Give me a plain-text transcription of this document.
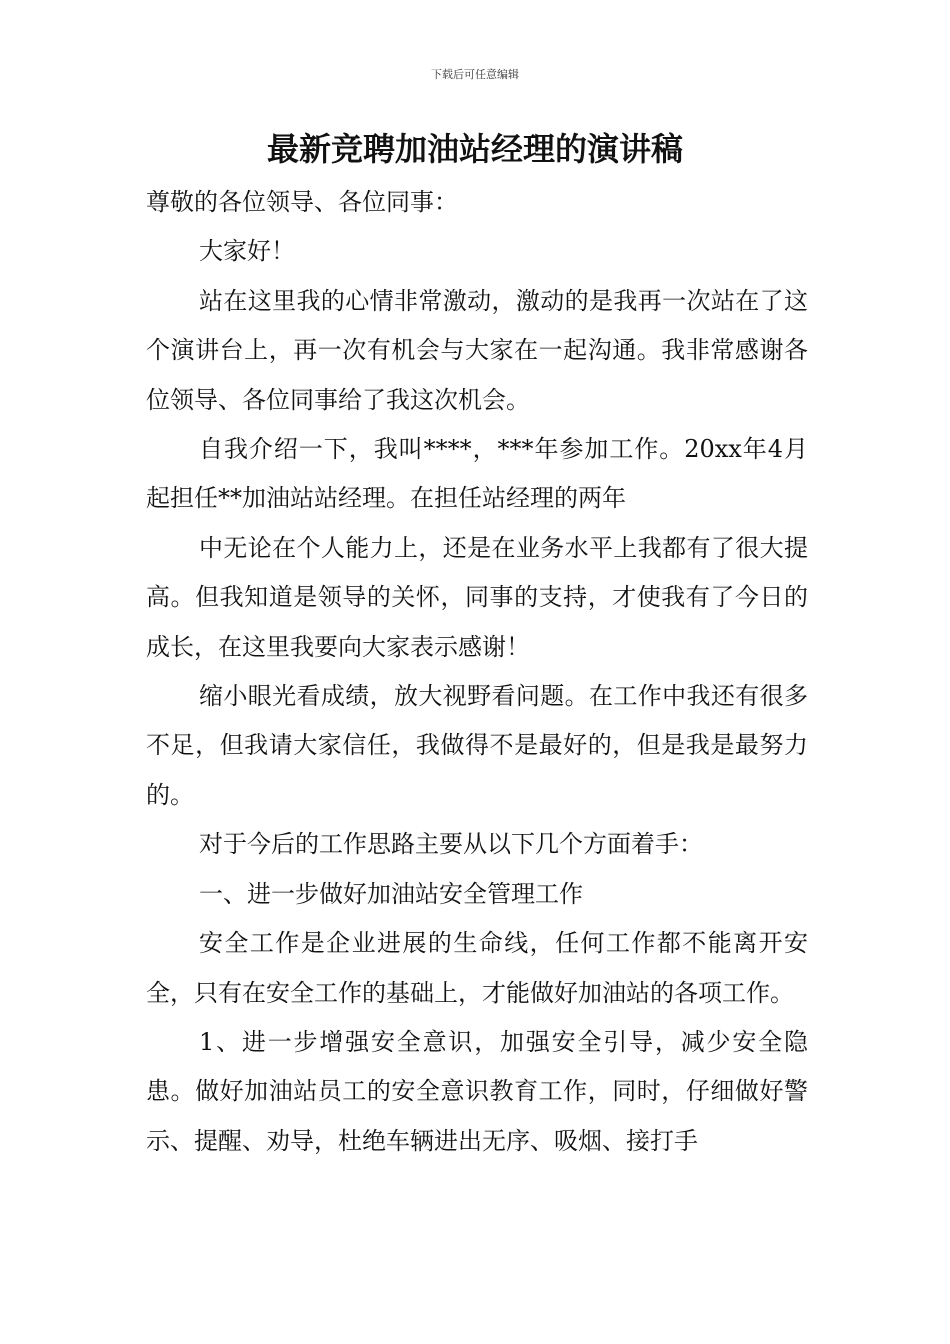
下载后可任意编辑
最新竞聘加油站经理的演讲稿

尊敬的各位领导、各位同事：

大家好！

站在这里我的心情非常激动，激动的是我再一次站在了这个演讲台上，再一次有机会与大家在一起沟通。我非常感谢各位领导、各位同事给了我这次机会。

自我介绍一下，我叫****，***年参加工作。20xx年4月起担任**加油站站经理。在担任站经理的两年

中无论在个人能力上，还是在业务水平上我都有了很大提高。但我知道是领导的关怀，同事的支持，才使我有了今日的成长，在这里我要向大家表示感谢！

缩小眼光看成绩，放大视野看问题。在工作中我还有很多不足，但我请大家信任，我做得不是最好的，但是我是最努力的。

对于今后的工作思路主要从以下几个方面着手：

一、进一步做好加油站安全管理工作

安全工作是企业进展的生命线，任何工作都不能离开安全，只有在安全工作的基础上，才能做好加油站的各项工作。

1、进一步增强安全意识，加强安全引导，减少安全隐患。做好加油站员工的安全意识教育工作，同时，仔细做好警示、提醒、劝导，杜绝车辆进出无序、吸烟、接打手
